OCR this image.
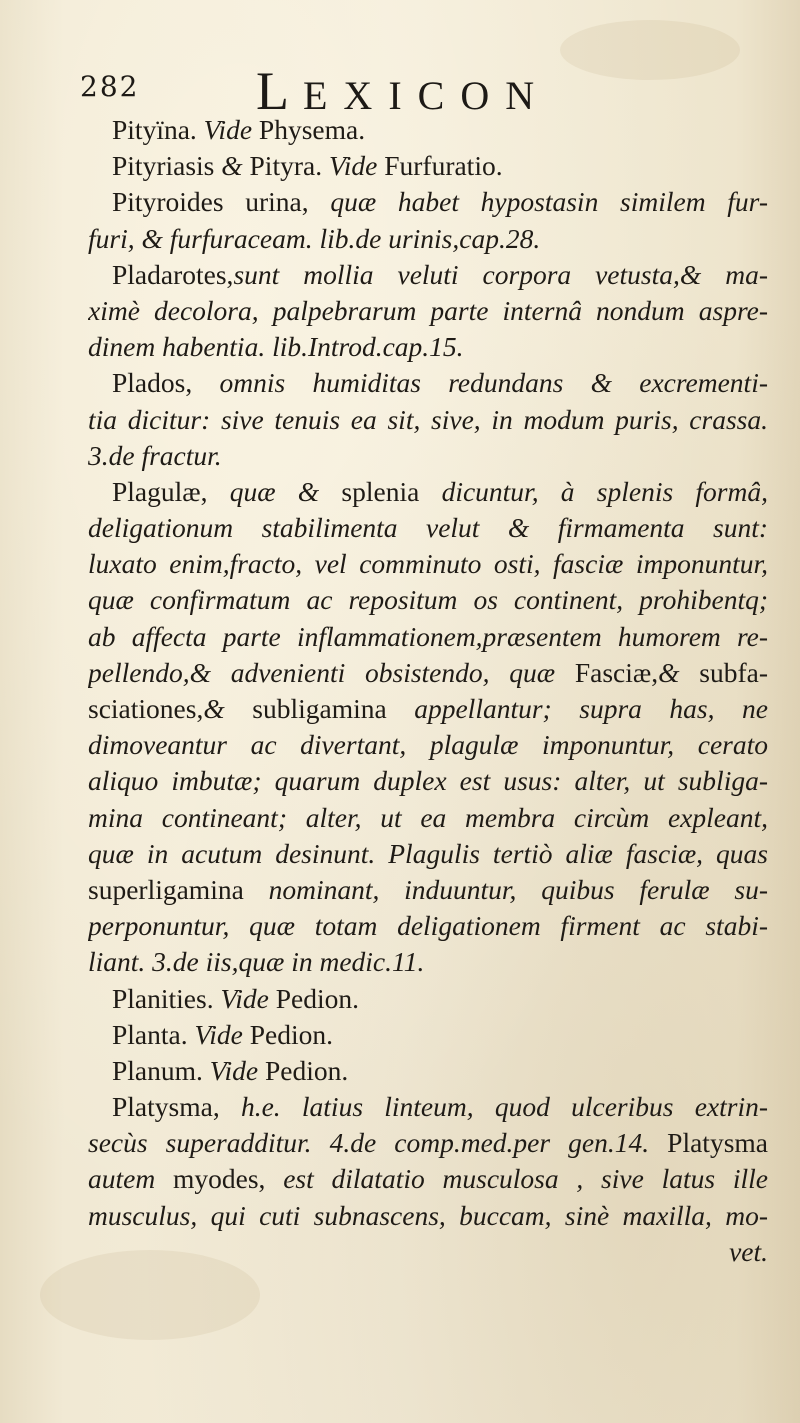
282 LEXICON
Pityïna. Vide Physema.
Pityriasis & Pityra. Vide Furfuratio.
Pityroides urina, quæ habet hypostasin similem fur-
furi, & furfuraceam. lib.de urinis,cap.28.
Pladarotes,sunt mollia veluti corpora vetusta,& ma-
ximè decolora, palpebrarum parte internâ nondum aspre-
dinem habentia. lib.Introd.cap.15.
Plados, omnis humiditas redundans & excrementi-
tia dicitur: sive tenuis ea sit, sive, in modum puris, crassa.
3.de fractur.
Plagulæ, quæ & splenia dicuntur, à splenis formâ,
deligationum stabilimenta velut & firmamenta sunt:
luxato enim,fracto, vel comminuto osti, fasciæ imponuntur,
quæ confirmatum ac repositum os continent, prohibentq;
ab affecta parte inflammationem,præsentem humorem re-
pellendo,& advenienti obsistendo, quæ Fasciæ,& subfa-
sciationes,& subligamina appellantur; supra has, ne
dimoveantur ac divertant, plagulæ imponuntur, cerato
aliquo imbutæ; quarum duplex est usus: alter, ut subliga-
mina contineant; alter, ut ea membra circùm expleant,
quæ in acutum desinunt. Plagulis tertiò aliæ fasciæ, quas
superligamina nominant, induuntur, quibus ferulæ su-
perponuntur, quæ totam deligationem firment ac stabi-
liant. 3.de iis,quæ in medic.11.
Planities. Vide Pedion.
Planta. Vide Pedion.
Planum. Vide Pedion.
Platysma, h.e. latius linteum, quod ulceribus extrin-
secùs superadditur. 4.de comp.med.per gen.14. Platysma
autem myodes, est dilatatio musculosa , sive latus ille
musculus, qui cuti subnascens, buccam, sinè maxilla, mo-
vet.
